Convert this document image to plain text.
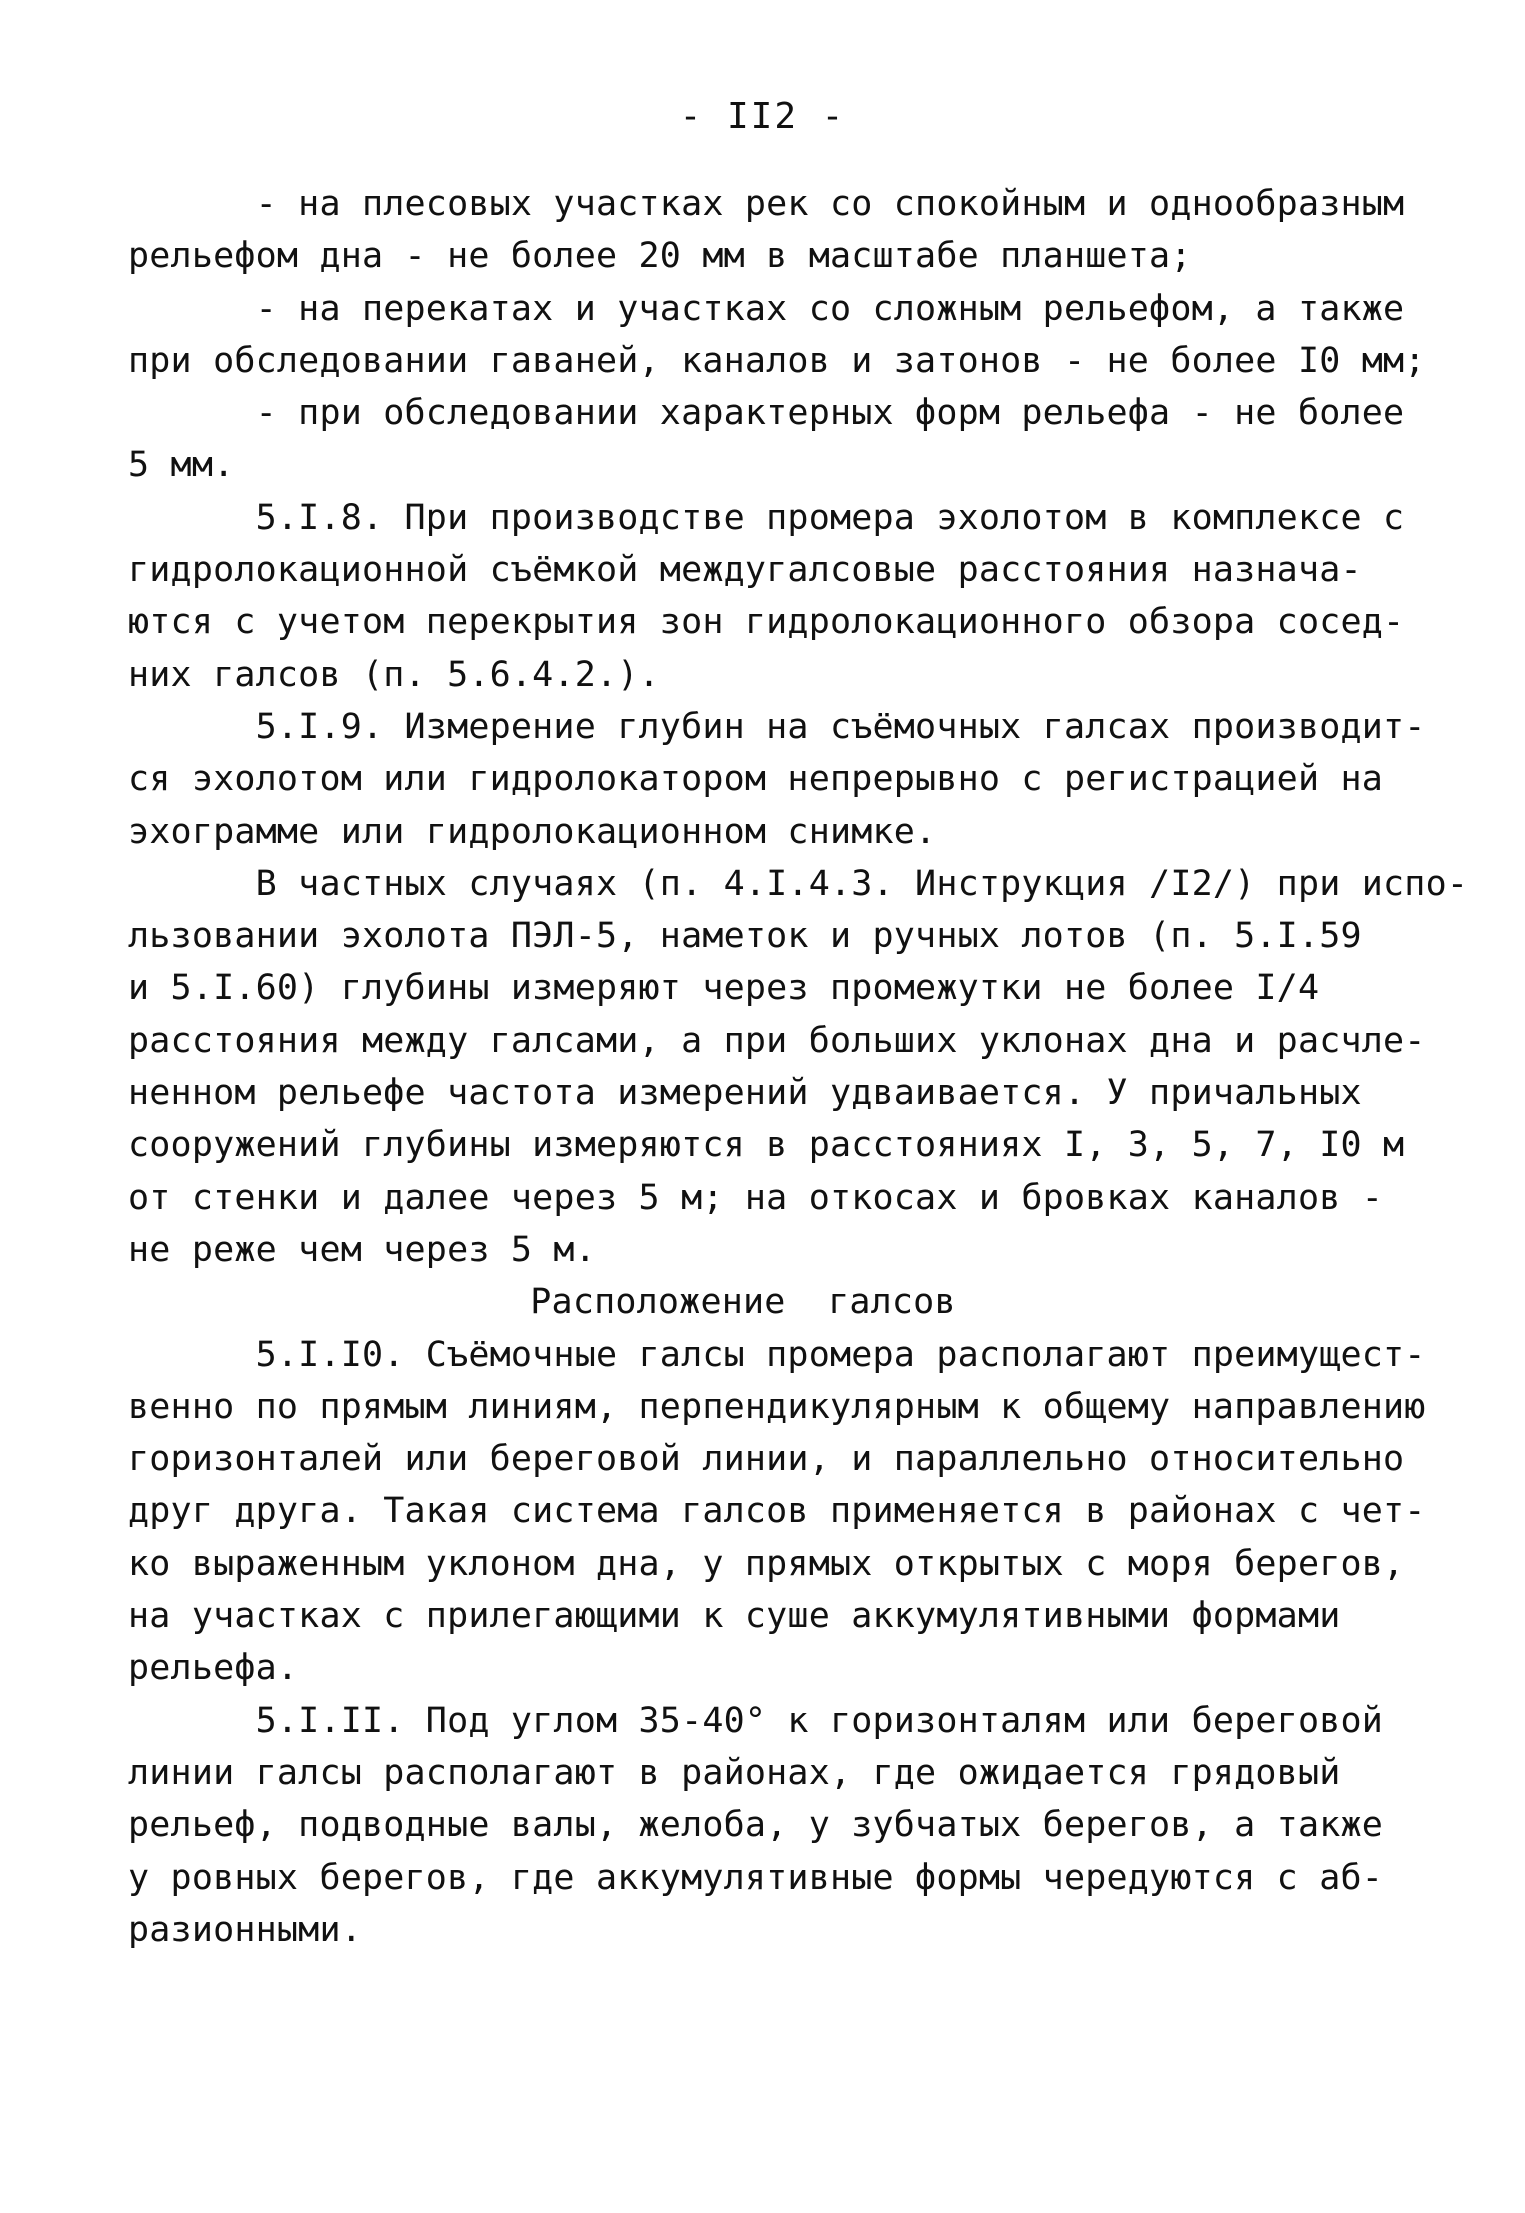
- II2 -
- на плесовых участках рек со спокойным и однообразным
рельефом дна - не более 20 мм в масштабе планшета;
- на перекатах и участках со сложным рельефом, а также
при обследовании гаваней, каналов и затонов - не более I0 мм;
- при обследовании характерных форм рельефа - не более
5 мм.
5.I.8. При производстве промера эхолотом в комплексе с
гидролокационной съёмкой междугалсовые расстояния назнача-
ются с учетом перекрытия зон гидролокационного обзора сосед-
них галсов (п. 5.6.4.2.).
5.I.9. Измерение глубин на съёмочных галсах производит-
ся эхолотом или гидролокатором непрерывно с регистрацией на
эхограмме или гидролокационном снимке.
В частных случаях (п. 4.I.4.3. Инструкция /I2/) при испо-
льзовании эхолота ПЭЛ-5, наметок и ручных лотов (п. 5.I.59
и 5.I.60) глубины измеряют через промежутки не более I/4
расстояния между галсами, а при больших уклонах дна и расчле-
ненном рельефе частота измерений удваивается. У причальных
сооружений глубины измеряются в расстояниях I, 3, 5, 7, I0 м
от стенки и далее через 5 м; на откосах и бровках каналов -
не реже чем через 5 м.
Расположение  галсов
5.I.I0. Съёмочные галсы промера располагают преимущест-
венно по прямым линиям, перпендикулярным к общему направлению
горизонталей или береговой линии, и параллельно относительно
друг друга. Такая система галсов применяется в районах с чет-
ко выраженным уклоном дна, у прямых открытых с моря берегов,
на участках с прилегающими к суше аккумулятивными формами
рельефа.
5.I.II. Под углом 35-40° к горизонталям или береговой
линии галсы располагают в районах, где ожидается грядовый
рельеф, подводные валы, желоба, у зубчатых берегов, а также
у ровных берегов, где аккумулятивные формы чередуются с аб-
разионными.
